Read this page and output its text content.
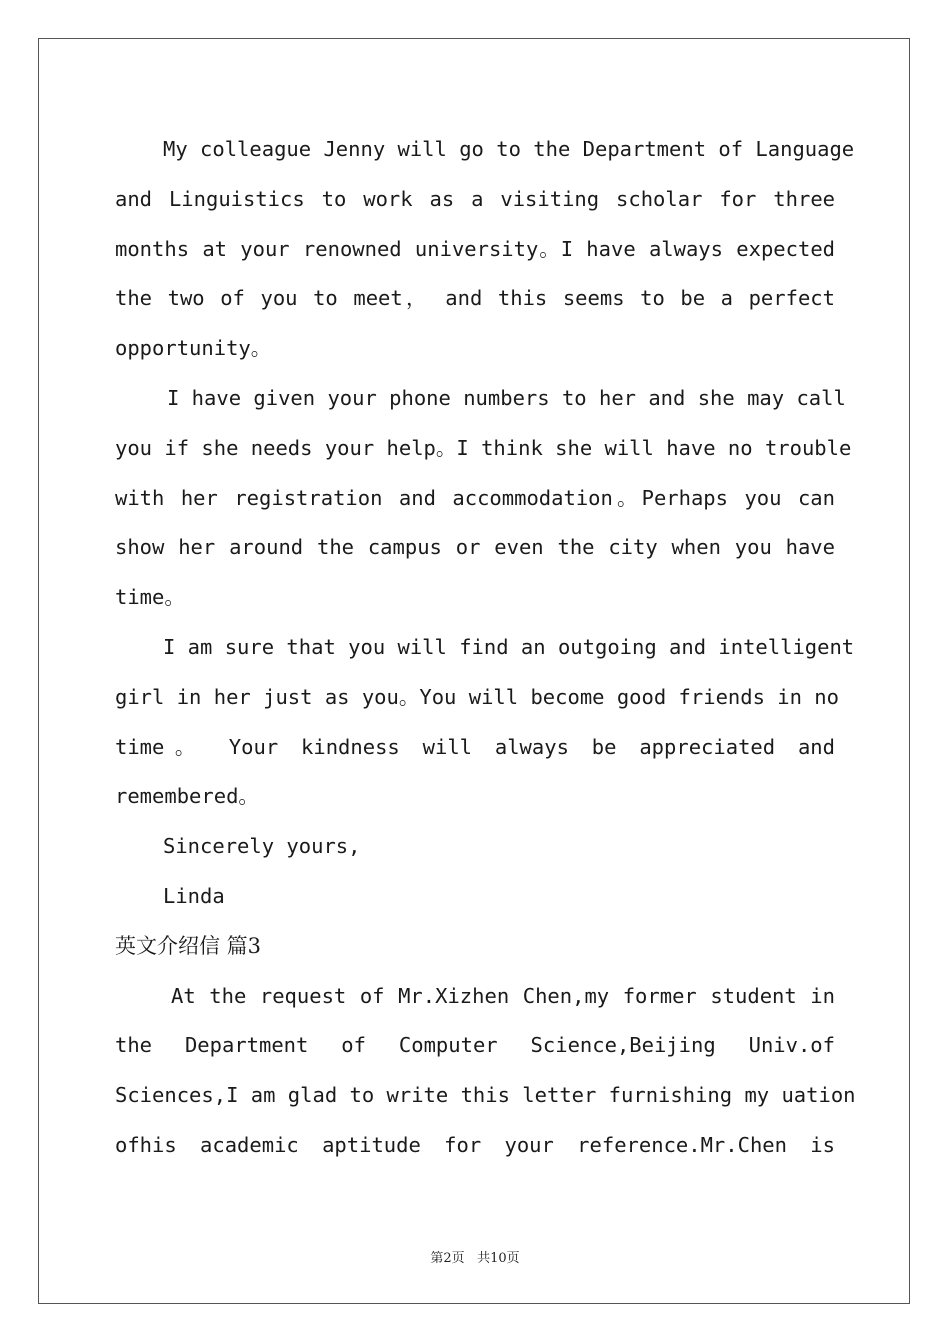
My colleague Jenny will go to the Department of Language
and Linguistics to work as a visiting scholar for three
months at your renowned university。I have always expected
the two of you to meet， and this seems to be a perfect
opportunity。
I have given your phone numbers to her and she may call
you if she needs your help。I think she will have no trouble
with her registration and accommodation。Perhaps you can
show her around the campus or even the city when you have
time。
I am sure that you will find an outgoing and intelligent
girl in her just as you。You will become good friends in no
time。 Your kindness will always be appreciated and
remembered。
Sincerely yours,
Linda
英文介绍信 篇3
At the request of Mr.Xizhen Chen,my former student in
the Department of Computer Science,Beijing Univ.of
Sciences,I am glad to write this letter furnishing my uation
ofhis academic aptitude for your reference.Mr.Chen is
第2页 共10页
